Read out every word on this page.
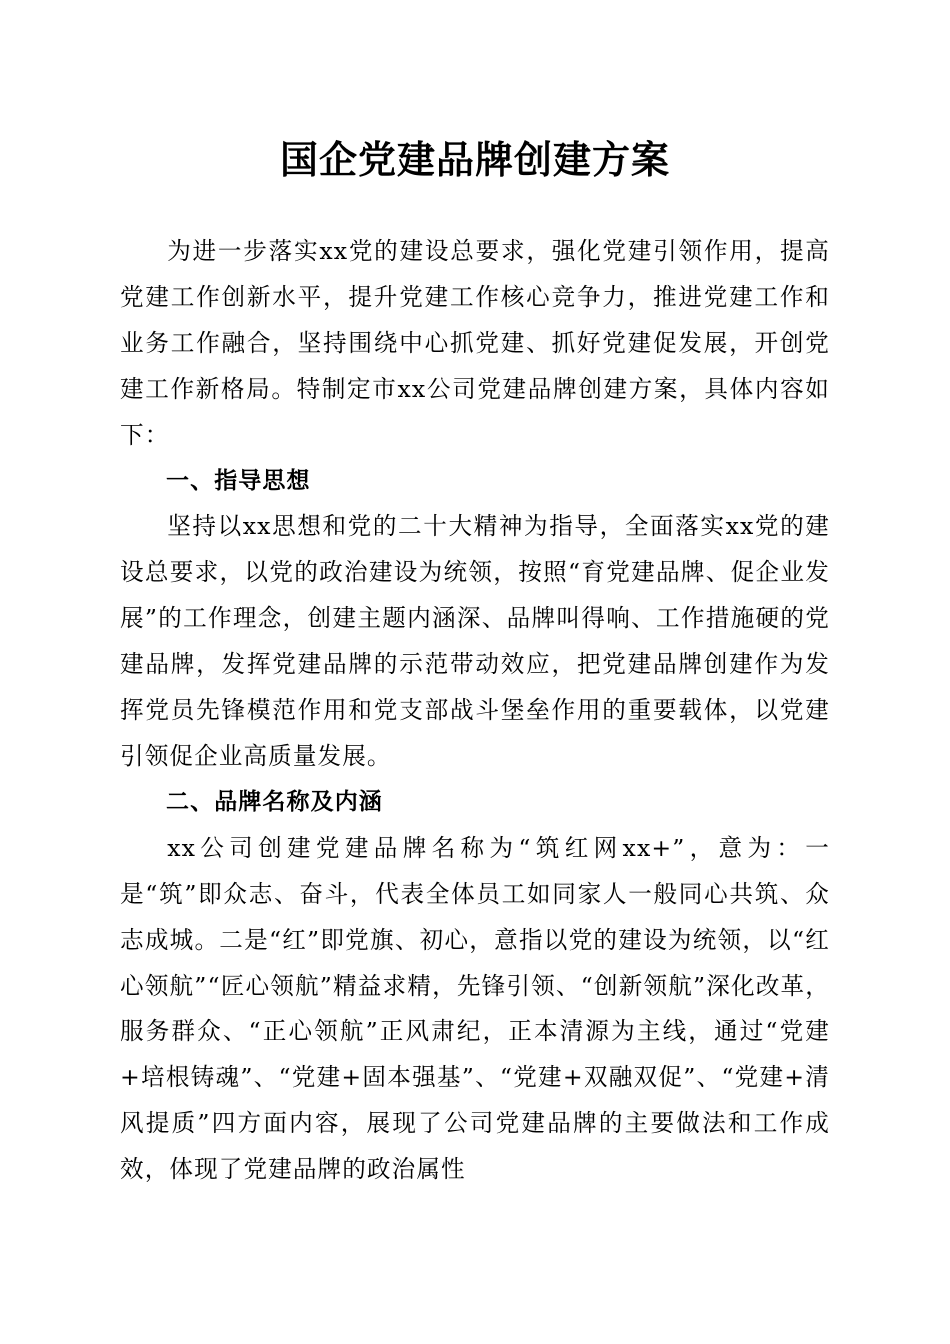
国企党建品牌创建方案

为进一步落实xx党的建设总要求，强化党建引领作用，提高党建工作创新水平，提升党建工作核心竞争力，推进党建工作和业务工作融合，坚持围绕中心抓党建、抓好党建促发展，开创党建工作新格局。特制定市xx公司党建品牌创建方案，具体内容如下：

一、指导思想

坚持以xx思想和党的二十大精神为指导，全面落实xx党的建设总要求，以党的政治建设为统领，按照“育党建品牌、促企业发展”的工作理念，创建主题内涵深、品牌叫得响、工作措施硬的党建品牌，发挥党建品牌的示范带动效应，把党建品牌创建作为发挥党员先锋模范作用和党支部战斗堡垒作用的重要载体，以党建引领促企业高质量发展。

二、品牌名称及内涵

xx公司创建党建品牌名称为“筑红网xx+”，意为：一是“筑”即众志、奋斗，代表全体员工如同家人一般同心共筑、众志成城。二是“红”即党旗、初心，意指以党的建设为统领，以“红心领航”“匠心领航”精益求精，先锋引领、“创新领航”深化改革，服务群众、“正心领航”正风肃纪，正本清源为主线，通过“党建+培根铸魂”、“党建+固本强基”、“党建+双融双促”、“党建+清风提质”四方面内容，展现了公司党建品牌的主要做法和工作成效，体现了党建品牌的政治属性
